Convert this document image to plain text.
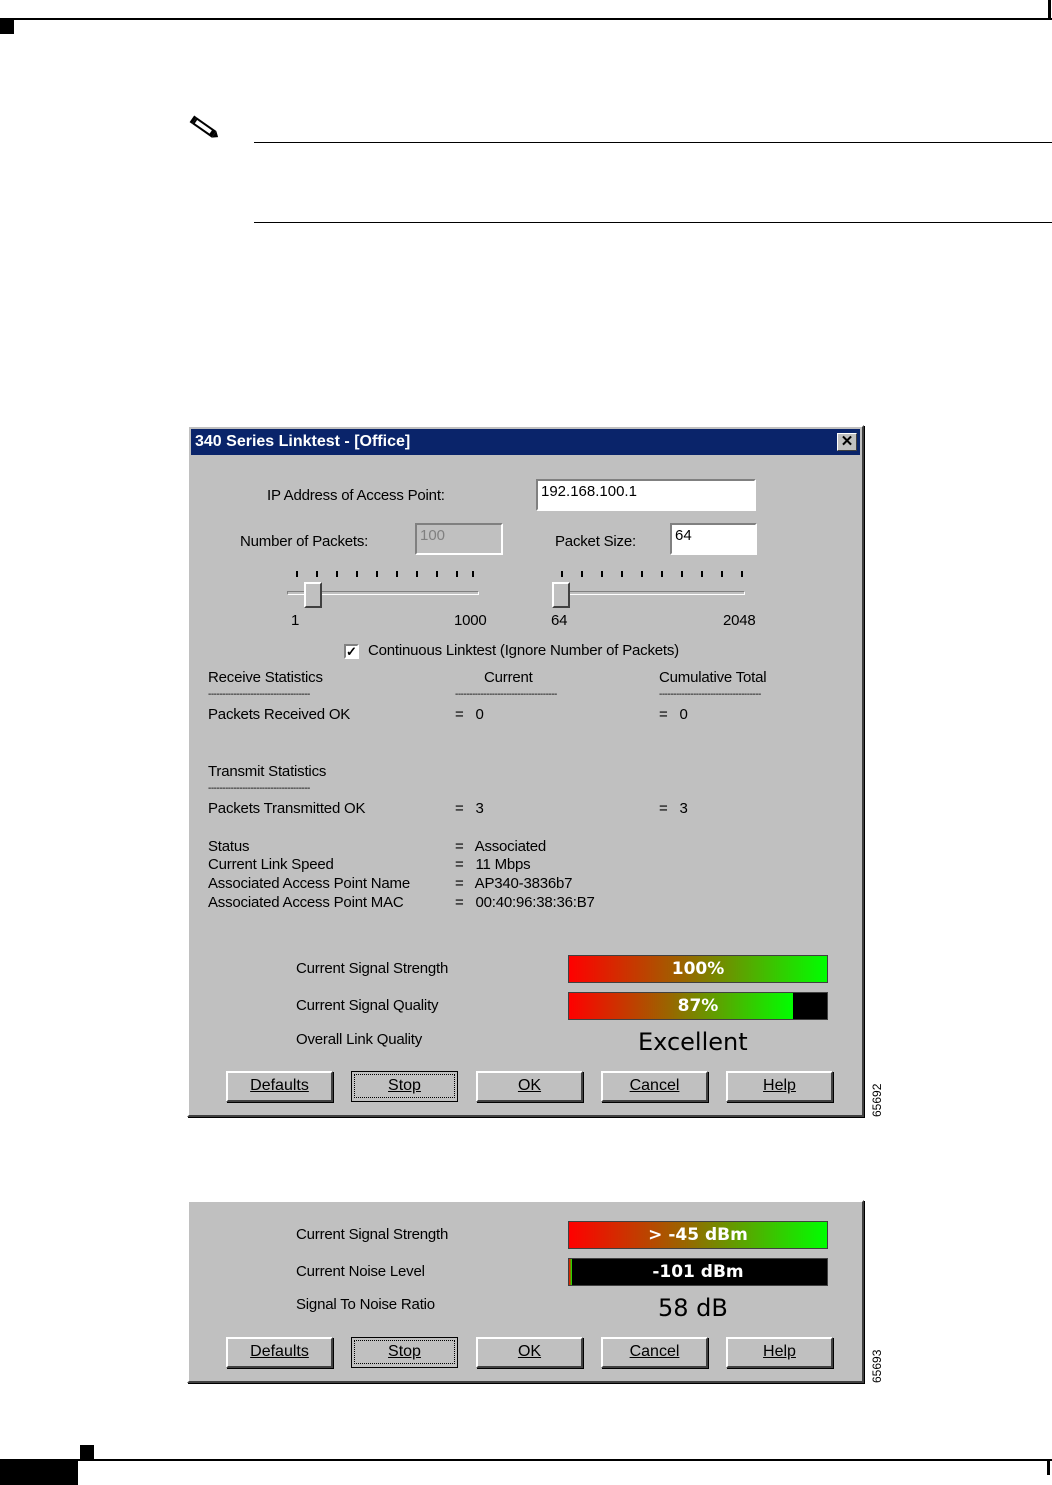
340 Series Linktest - [Office]	✕
IP Address of Access Point:	192.168.100.1
Number of Packets:	100	Packet Size:	64
1	1000	64	2048
✓ Continuous Linktest (Ignore Number of Packets)
Receive Statistics	Current	Cumulative Total
------------------------------------	------------------------------------	------------------------------------
Packets Received OK	=   0	=   0
Transmit Statistics
------------------------------------
Packets Transmitted OK	=   3	=   3
Status	=   Associated
Current Link Speed	=   11 Mbps
Associated Access Point Name	=   AP340-3836b7
Associated Access Point MAC	=   00:40:96:38:36:B7
Current Signal Strength	100%
Current Signal Quality	87%
Overall Link Quality	Excellent
Defaults	Stop	OK	Cancel	Help	65692
Current Signal Strength	> -45 dBm
Current Noise Level	-101 dBm
Signal To Noise Ratio	58 dB
Defaults	Stop	OK	Cancel	Help	65693
